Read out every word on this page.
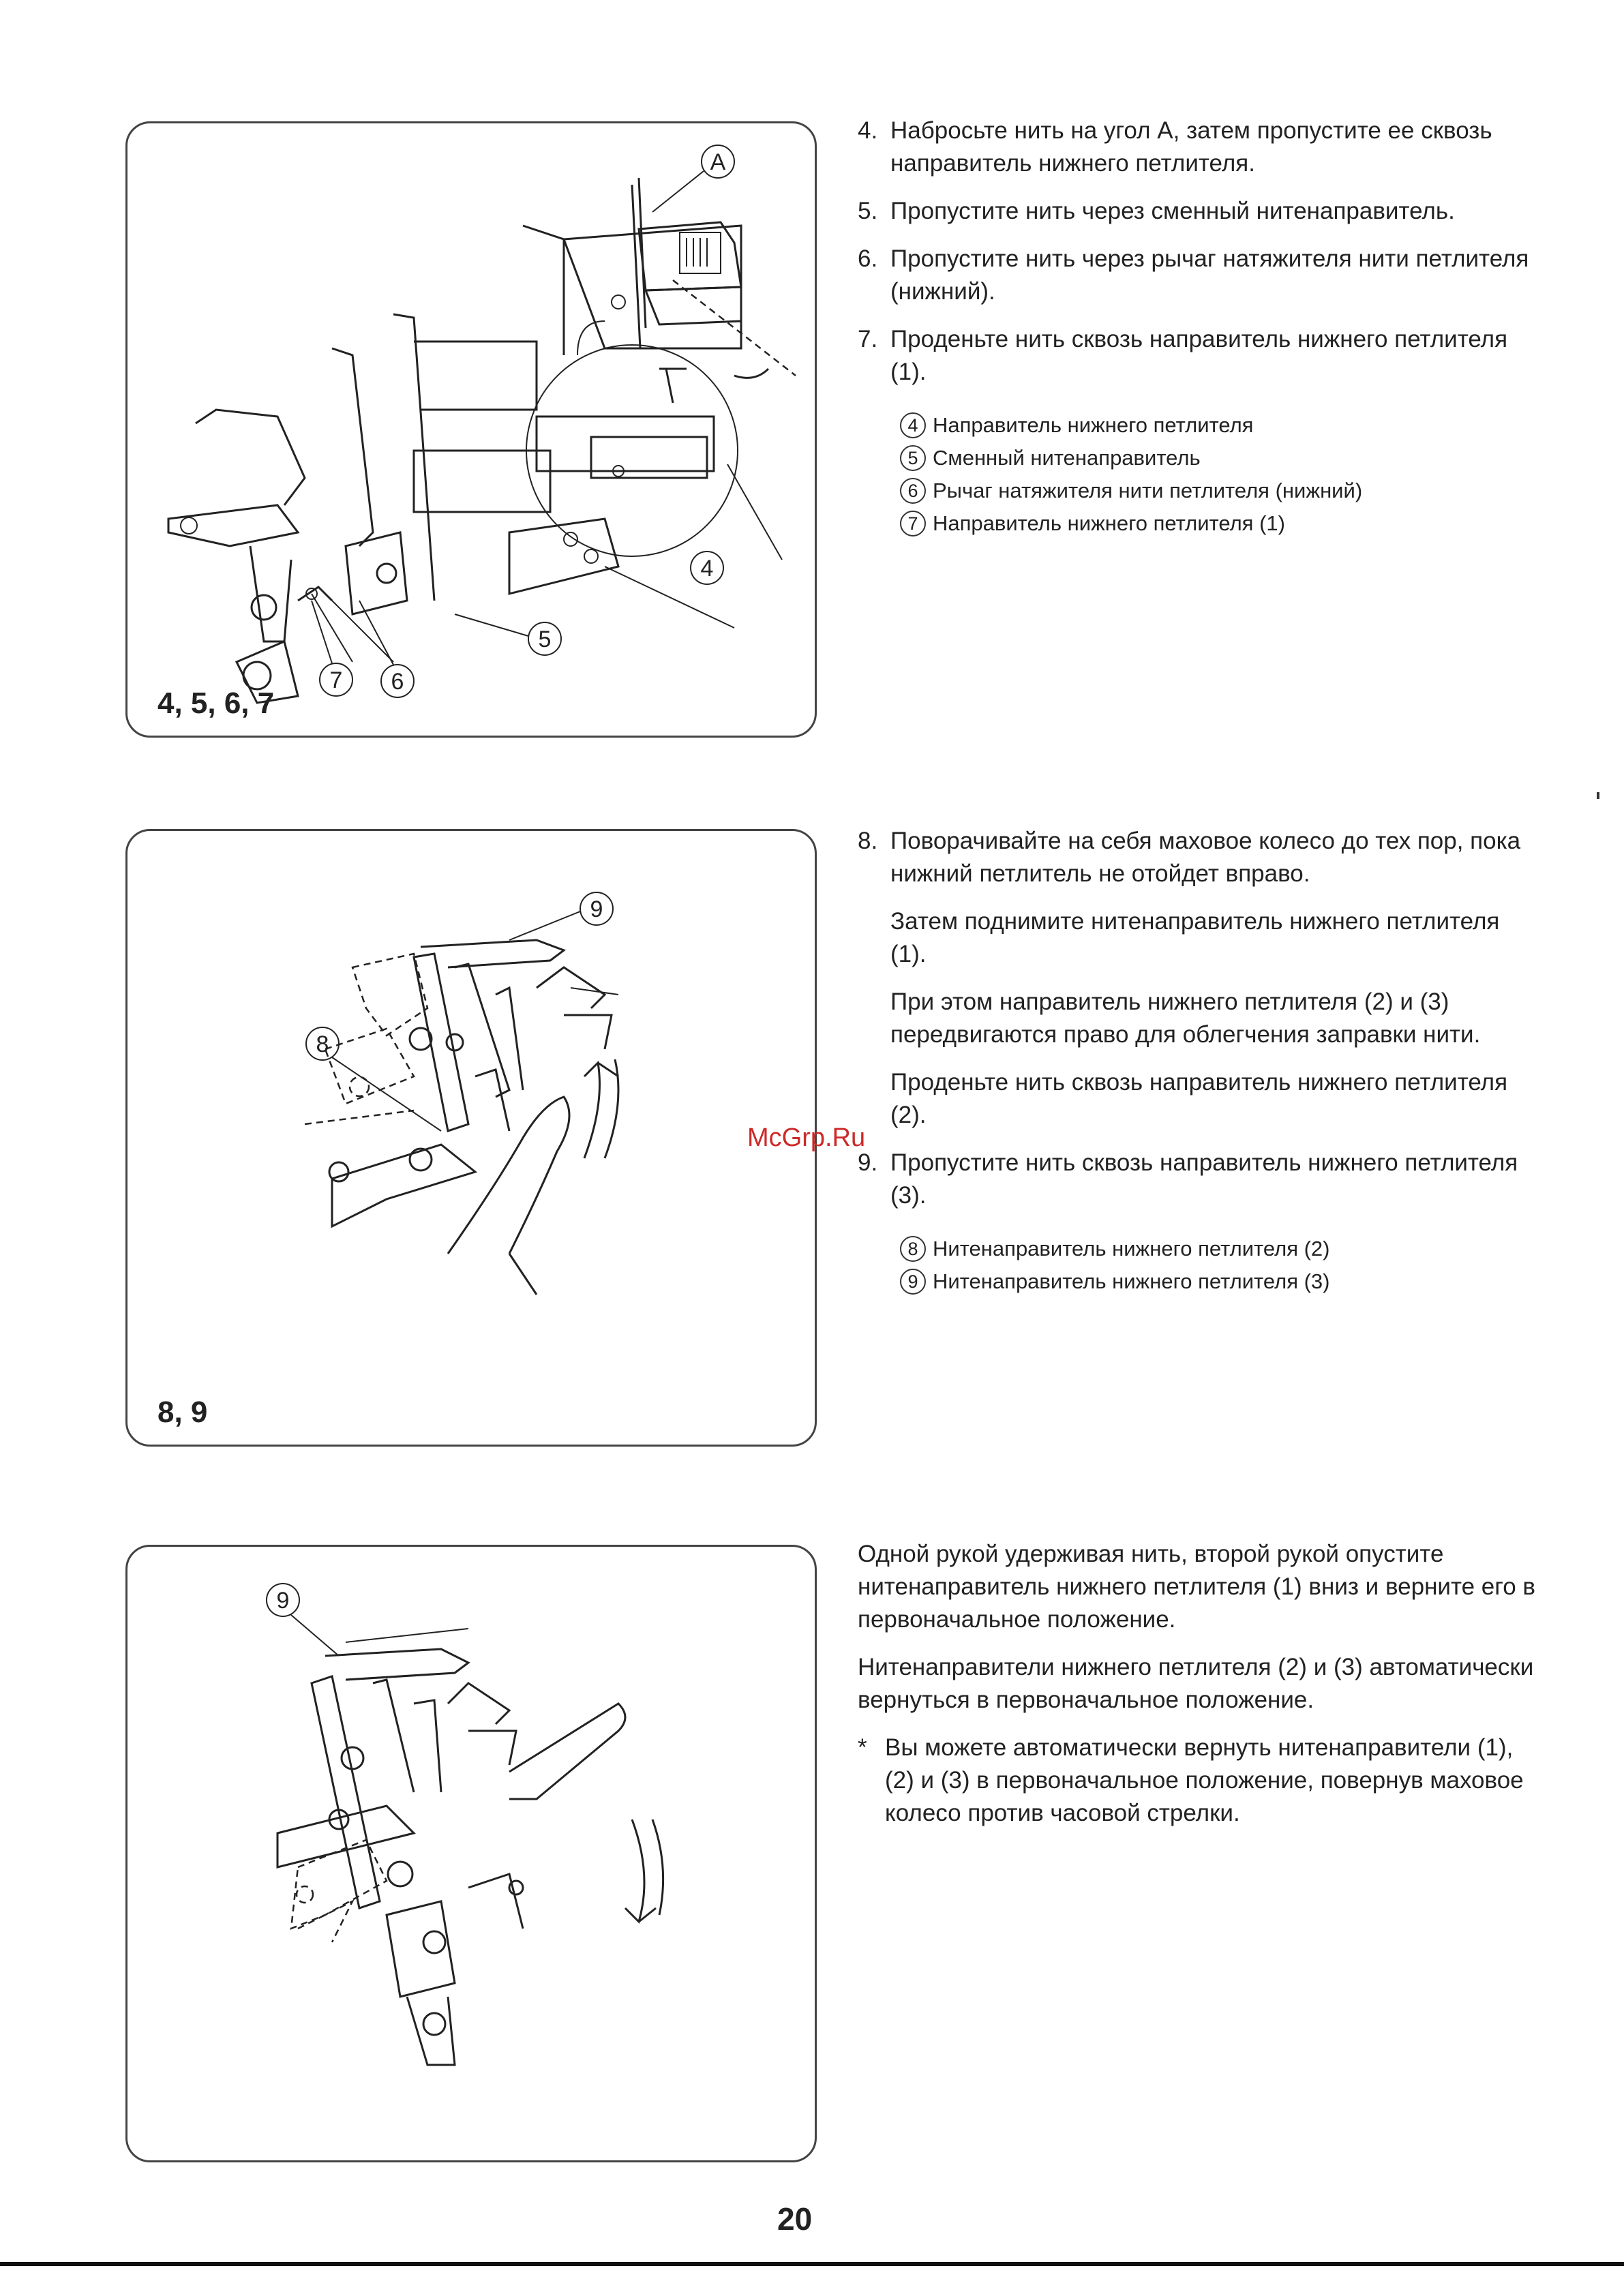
A
4
5
6
7
4, 5, 6, 7
9
8
8, 9
9
4. Набросьте нить на угол A, затем пропустите ее сквозь направитель нижнего петлителя.
5. Пропустите нить через сменный нитенаправитель.
6. Пропустите нить через рычаг натяжителя нити петлителя (нижний).
7. Проденьте нить сквозь направитель нижнего петлителя (1).
4 Направитель нижнего петлителя
5 Сменный нитенаправитель
6 Рычаг натяжителя нити петлителя (нижний)
7 Направитель нижнего петлителя (1)
8. Поворачивайте на себя маховое колесо до тех пор, пока нижний петлитель не отойдет вправо.

Затем поднимите нитенаправитель нижнего петлителя (1).

При этом направитель нижнего петлителя (2) и (3) передвигаются право для облегчения заправки нити.

Проденьте нить сквозь направитель нижнего петлителя (2).

9. Пропустите нить сквозь направитель нижнего петлителя (3).
8 Нитенаправитель нижнего петлителя (2)
9 Нитенаправитель нижнего петлителя (3)

Одной рукой удерживая нить, второй рукой опустите нитенаправитель нижнего петлителя (1) вниз и верните его в первоначальное положение.

Нитенаправители нижнего петлителя (2) и (3) автоматически вернуться в первоначальное положение.

* Вы можете автоматически вернуть нитенаправители (1), (2) и (3) в первоначальное положение, повернув маховое колесо против часовой стрелки.
McGrp.Ru
20
